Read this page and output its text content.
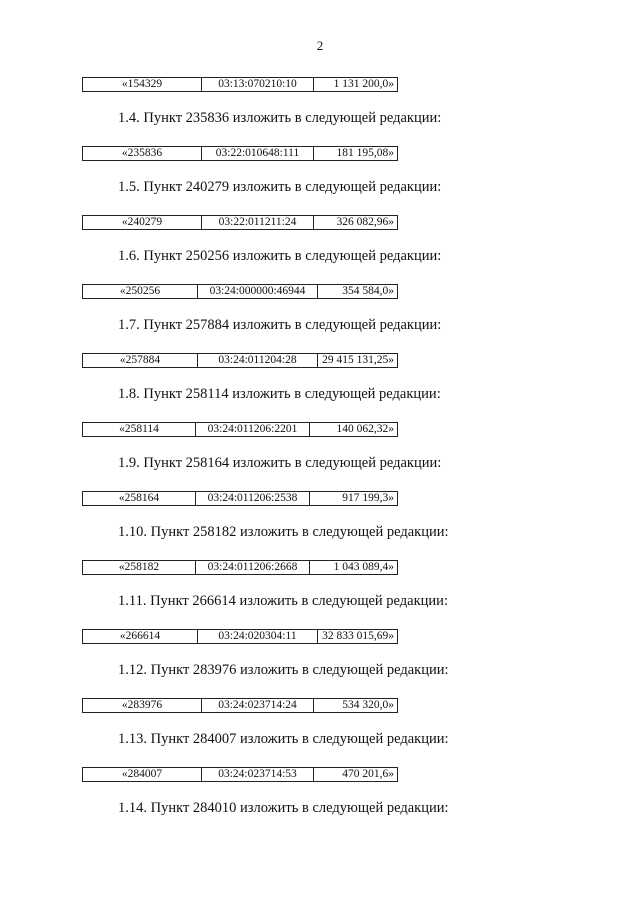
2
«154329	03:13:070210:10	1 131 200,0»
1.4. Пункт 235836 изложить в следующей редакции:
«235836	03:22:010648:111	181 195,08»
1.5. Пункт 240279 изложить в следующей редакции:
«240279	03:22:011211:24	326 082,96»
1.6. Пункт 250256 изложить в следующей редакции:
«250256	03:24:000000:46944	354 584,0»
1.7. Пункт 257884 изложить в следующей редакции:
«257884	03:24:011204:28	29 415 131,25»
1.8. Пункт 258114 изложить в следующей редакции:
«258114	03:24:011206:2201	140 062,32»
1.9. Пункт 258164 изложить в следующей редакции:
«258164	03:24:011206:2538	917 199,3»
1.10. Пункт 258182 изложить в следующей редакции:
«258182	03:24:011206:2668	1 043 089,4»
1.11. Пункт 266614 изложить в следующей редакции:
«266614	03:24:020304:11	32 833 015,69»
1.12. Пункт 283976 изложить в следующей редакции:
«283976	03:24:023714:24	534 320,0»
1.13. Пункт 284007 изложить в следующей редакции:
«284007	03:24:023714:53	470 201,6»
1.14. Пункт 284010 изложить в следующей редакции:
